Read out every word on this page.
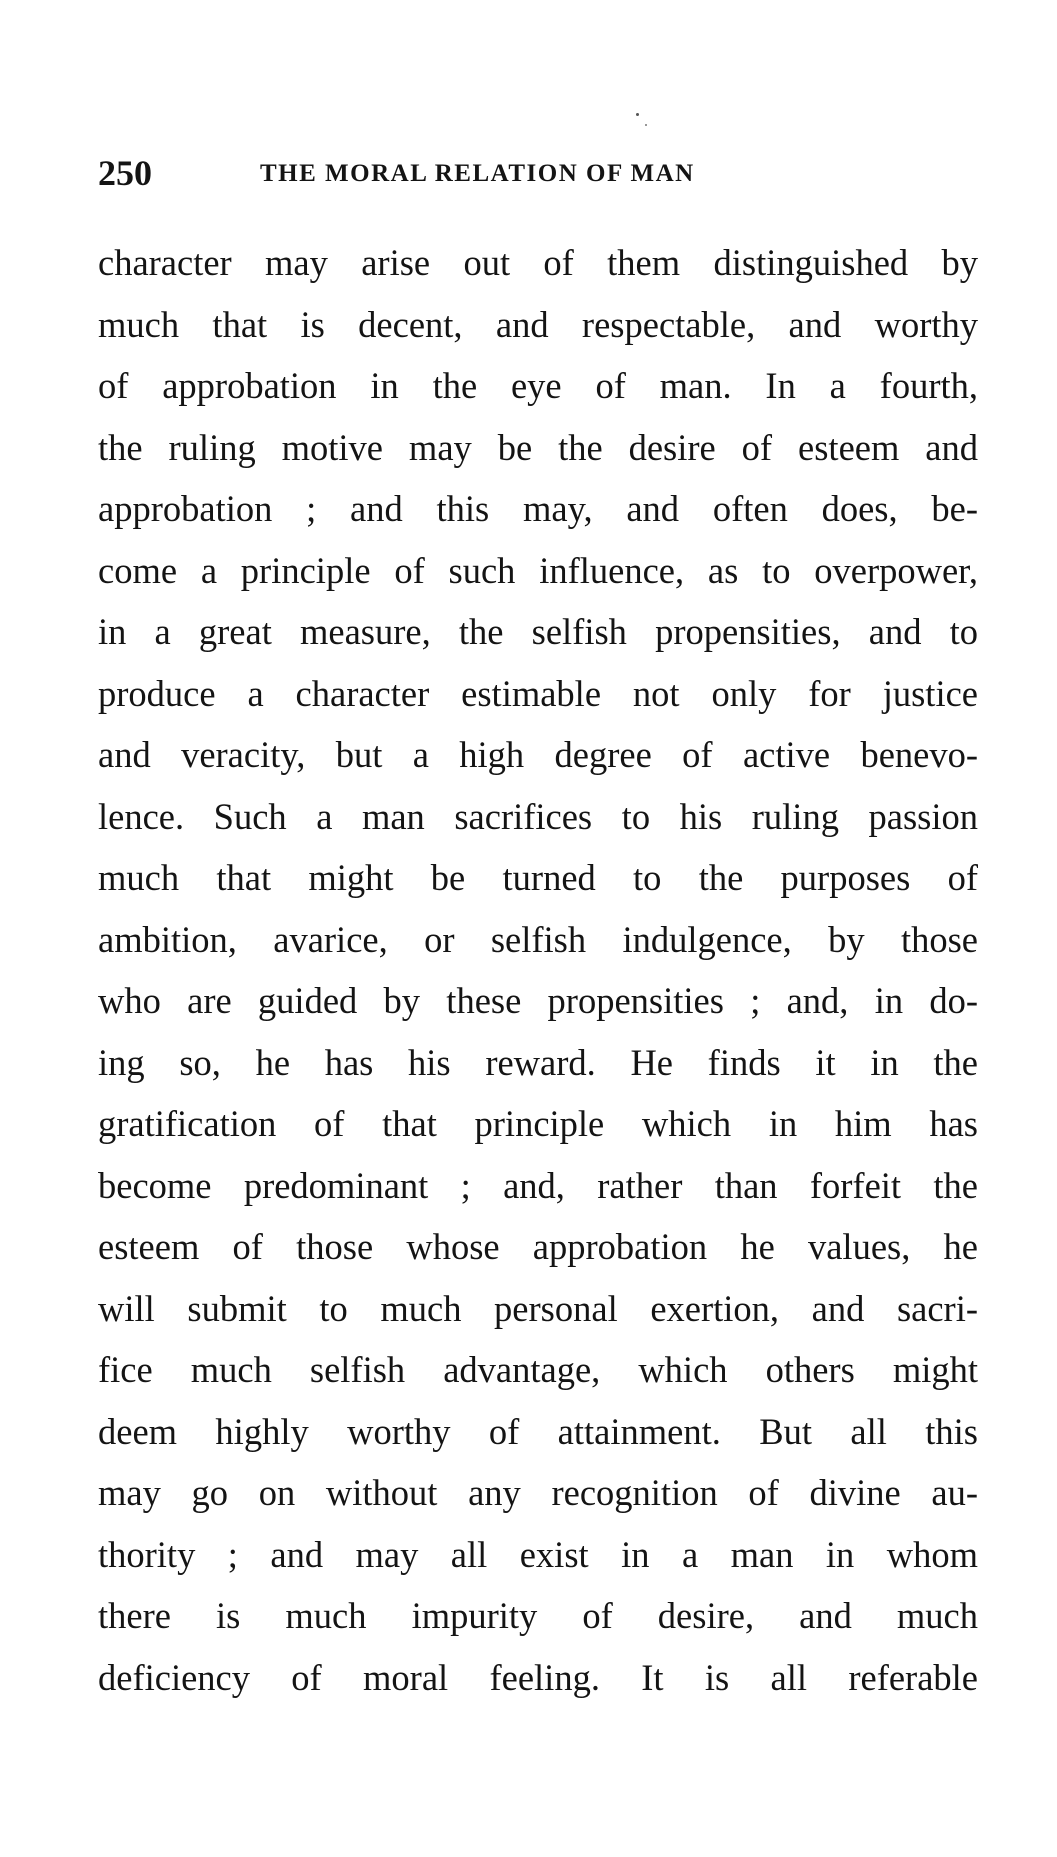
250	THE MORAL RELATION OF MAN
character may arise out of them distinguished by
much that is decent, and respectable, and worthy
of approbation in the eye of man. In a fourth,
the ruling motive may be the desire of esteem and
approbation ; and this may, and often does, be-
come a principle of such influence, as to overpower,
in a great measure, the selfish propensities, and to
produce a character estimable not only for justice
and veracity, but a high degree of active benevo-
lence. Such a man sacrifices to his ruling passion
much that might be turned to the purposes of
ambition, avarice, or selfish indulgence, by those
who are guided by these propensities ; and, in do-
ing so, he has his reward. He finds it in the
gratification of that principle which in him has
become predominant ; and, rather than forfeit the
esteem of those whose approbation he values, he
will submit to much personal exertion, and sacri-
fice much selfish advantage, which others might
deem highly worthy of attainment. But all this
may go on without any recognition of divine au-
thority ; and may all exist in a man in whom
there is much impurity of desire, and much
deficiency of moral feeling. It is all referable
